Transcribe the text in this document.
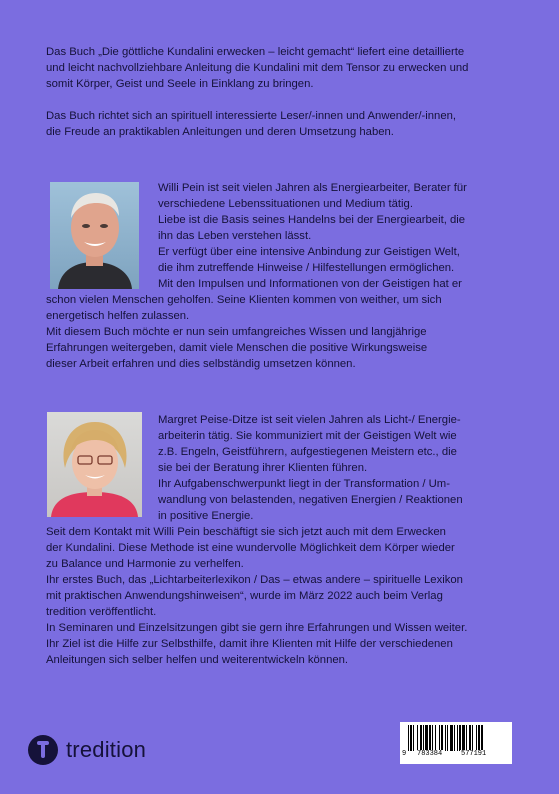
Das Buch „Die göttliche Kundalini erwecken – leicht gemacht“ liefert eine detaillierte
und leicht nachvollziehbare Anleitung die Kundalini mit dem Tensor zu erwecken und
somit Körper, Geist und Seele in Einklang zu bringen.
Das Buch richtet sich an spirituell interessierte Leser/-innen und Anwender/-innen,
die Freude an praktikablen Anleitungen und deren Umsetzung haben.
Willi Pein ist seit vielen Jahren als Energiearbeiter, Berater für
verschiedene Lebenssituationen und Medium tätig.
Liebe ist die Basis seines Handelns bei der Energiearbeit, die
ihn das Leben verstehen lässt.
Er verfügt über eine intensive Anbindung zur Geistigen Welt,
die ihm zutreffende Hinweise / Hilfestellungen ermöglichen.
Mit den Impulsen und Informationen von der Geistigen hat er
schon vielen Menschen geholfen. Seine Klienten kommen von weither, um sich
energetisch helfen zulassen.
Mit diesem Buch möchte er nun sein umfangreiches Wissen und langjährige
Erfahrungen weitergeben, damit viele Menschen die positive Wirkungsweise
dieser Arbeit erfahren und dies selbständig umsetzen können.
Margret Peise-Ditze ist seit vielen Jahren als Licht-/ Energie-
arbeiterin tätig. Sie kommuniziert mit der Geistigen Welt wie
z.B. Engeln, Geistführern, aufgestiegenen Meistern etc., die
sie bei der Beratung ihrer Klienten führen.
Ihr Aufgabenschwerpunkt liegt in der Transformation / Um-
wandlung von belastenden, negativen Energien / Reaktionen
in positive Energie.
Seit dem Kontakt mit Willi Pein beschäftigt sie sich jetzt auch mit dem Erwecken
der Kundalini. Diese Methode ist eine wundervolle Möglichkeit dem Körper wieder
zu Balance und Harmonie zu verhelfen.
Ihr erstes Buch, das „Lichtarbeiterlexikon / Das – etwas andere – spirituelle Lexikon
mit praktischen Anwendungshinweisen“, wurde im März 2022 auch beim Verlag
tredition veröffentlicht.
In Seminaren und Einzelsitzungen gibt sie gern ihre Erfahrungen und Wissen weiter.
Ihr Ziel ist die Hilfe zur Selbsthilfe, damit ihre Klienten mit Hilfe der verschiedenen
Anleitungen sich selber helfen und weiterentwickeln können.
tredition	9 783384	577191
